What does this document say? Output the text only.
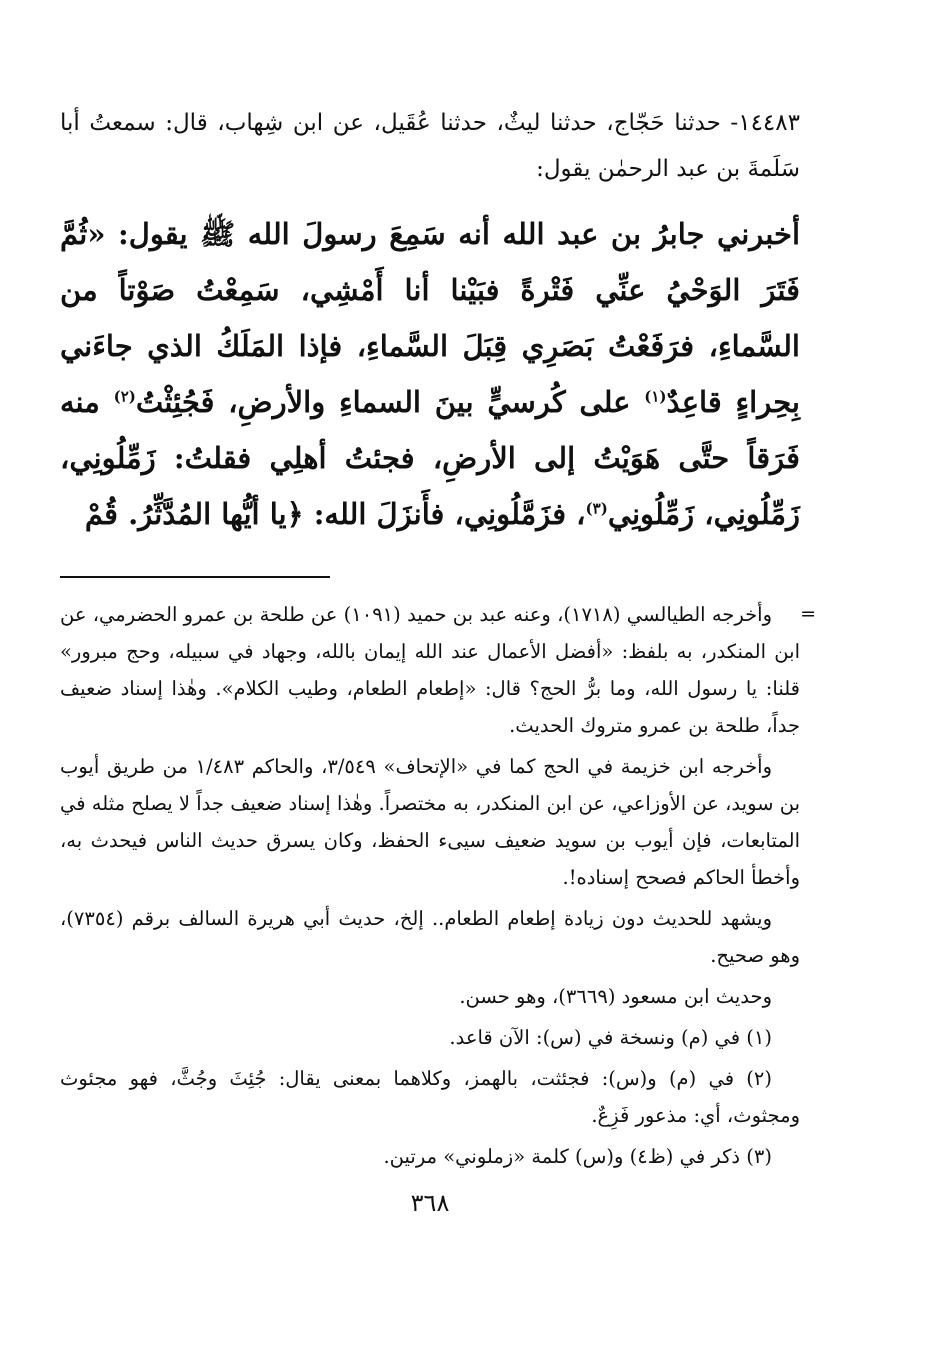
١٤٤٨٣- حدثنا حَجّاج، حدثنا ليثٌ، حدثنا عُقَيل، عن ابن شِهاب، قال: سمعتُ أبا سَلَمةَ بن عبد الرحمٰن يقول:

أخبرني جابرُ بن عبد الله أنه سَمِعَ رسولَ الله ﷺ يقول: «ثُمَّ فَتَرَ الوَحْيُ عنِّي فَتْرةً فبَيْنا أنا أَمْشِي، سَمِعْتُ صَوْتاً من السَّماءِ، فرَفَعْتُ بَصَرِي قِبَلَ السَّماءِ، فإذا المَلَكُ الذي جاءَني بِحِراءٍ قاعِدٌ$^{(١)}$ على كُرسيٍّ بينَ السماءِ والأرضِ، فَجُئِثْتُ$^{(٢)}$ منه فَرَقاً حتَّى هَوَيْتُ إلى الأرضِ، فجئتُ أهلِي فقلتُ: زَمِّلُونِي، زَمِّلُونِي، زَمِّلُونِي$^{(٣)}$، فزَمَّلُونِي، فأَنزَلَ الله: ﴿يا أيُّها المُدَّثِّرُ. قُمْ

=
وأخرجه الطيالسي (١٧١٨)، وعنه عبد بن حميد (١٠٩١) عن طلحة بن عمرو الحضرمي، عن ابن المنكدر، به بلفظ: «أفضل الأعمال عند الله إيمان بالله، وجهاد في سبيله، وحج مبرور» قلنا: يا رسول الله، وما برُّ الحج؟ قال: «إطعام الطعام، وطيب الكلام». وهٰذا إسناد ضعيف جداً، طلحة بن عمرو متروك الحديث.

وأخرجه ابن خزيمة في الحج كما في «الإتحاف» ٣/٥٤٩، والحاكم ١/٤٨٣ من طريق أيوب بن سويد، عن الأوزاعي، عن ابن المنكدر، به مختصراً. وهٰذا إسناد ضعيف جداً لا يصلح مثله في المتابعات، فإن أيوب بن سويد ضعيف سيىء الحفظ، وكان يسرق حديث الناس فيحدث به، وأخطأ الحاكم فصحح إسناده!.

ويشهد للحديث دون زيادة إطعام الطعام.. إلخ، حديث أبي هريرة السالف برقم (٧٣٥٤)، وهو صحيح.

وحديث ابن مسعود (٣٦٦٩)، وهو حسن.

(١) في (م) ونسخة في (س): الآن قاعد.

(٢) في (م) و(س): فجئثت، بالهمز، وكلاهما بمعنى يقال: جُئِثَ وجُثَّ، فهو مجئوث ومجثوث، أي: مذعور فَزِعٌ.

(٣) ذكر في (ظ٤) و(س) كلمة «زملوني» مرتين.

٣٦٨
